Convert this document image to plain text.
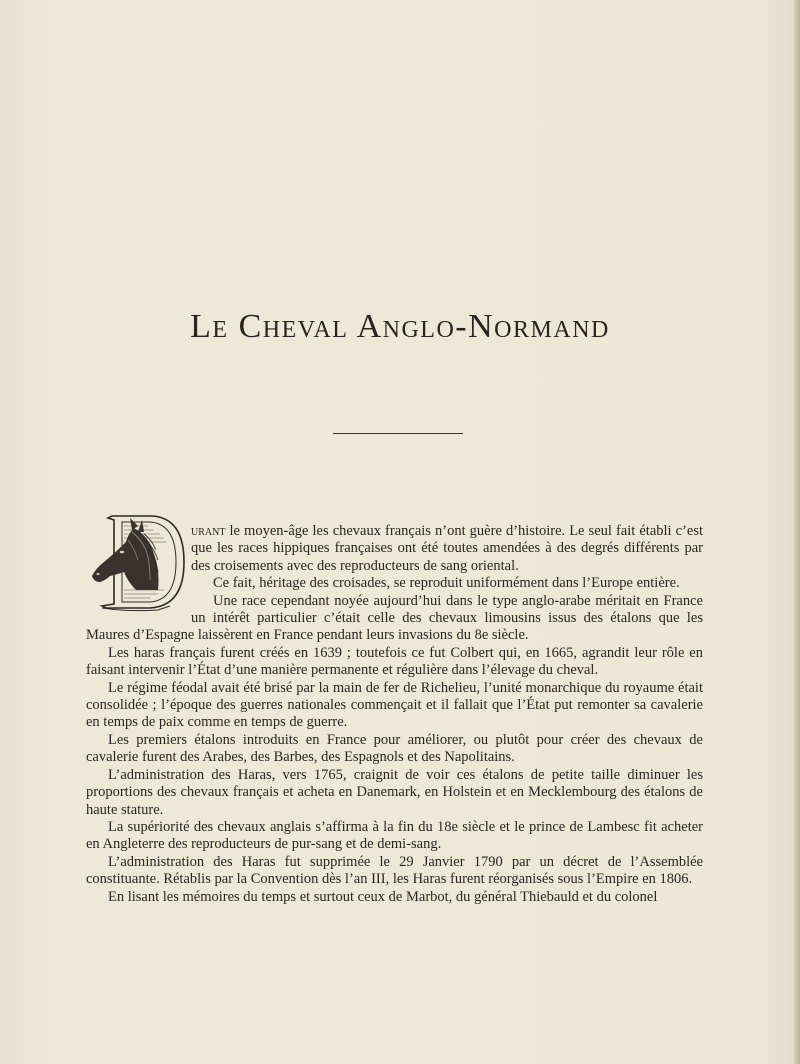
Le Cheval Anglo-Normand

urant le moyen-âge les chevaux français n’ont guère d’histoire. Le seul fait établi c’est que les races hippiques françaises ont été toutes amendées à des degrés différents par des croisements avec des reproducteurs de sang oriental.

Ce fait, héritage des croisades, se reproduit uniformément dans l’Europe entière.

Une race cependant noyée aujourd’hui dans le type anglo-arabe méritait en France un intérêt particulier c’était celle des chevaux limousins issus des étalons que les Maures d’Espagne laissèrent en France pendant leurs invasions du 8e siècle.

Les haras français furent créés en 1639 ; toutefois ce fut Colbert qui, en 1665, agrandit leur rôle en faisant intervenir l’État d’une manière permanente et régulière dans l’élevage du cheval.

Le régime féodal avait été brisé par la main de fer de Richelieu, l’unité monarchique du royaume était consolidée ; l’époque des guerres nationales commençait et il fallait que l’État put remonter sa cavalerie en temps de paix comme en temps de guerre.

Les premiers étalons introduits en France pour améliorer, ou plutôt pour créer des chevaux de cavalerie furent des Arabes, des Barbes, des Espagnols et des Napolitains.

L’administration des Haras, vers 1765, craignit de voir ces étalons de petite taille diminuer les proportions des chevaux français et acheta en Danemark, en Holstein et en Mecklembourg des étalons de haute stature.

La supériorité des chevaux anglais s’affirma à la fin du 18e siècle et le prince de Lambesc fit acheter en Angleterre des reproducteurs de pur-sang et de demi-sang.

L’administration des Haras fut supprimée le 29 Janvier 1790 par un décret de l’Assemblée constituante. Rétablis par la Convention dès l’an III, les Haras furent réorganisés sous l’Empire en 1806.

En lisant les mémoires du temps et surtout ceux de Marbot, du général Thiebauld et du colonel
